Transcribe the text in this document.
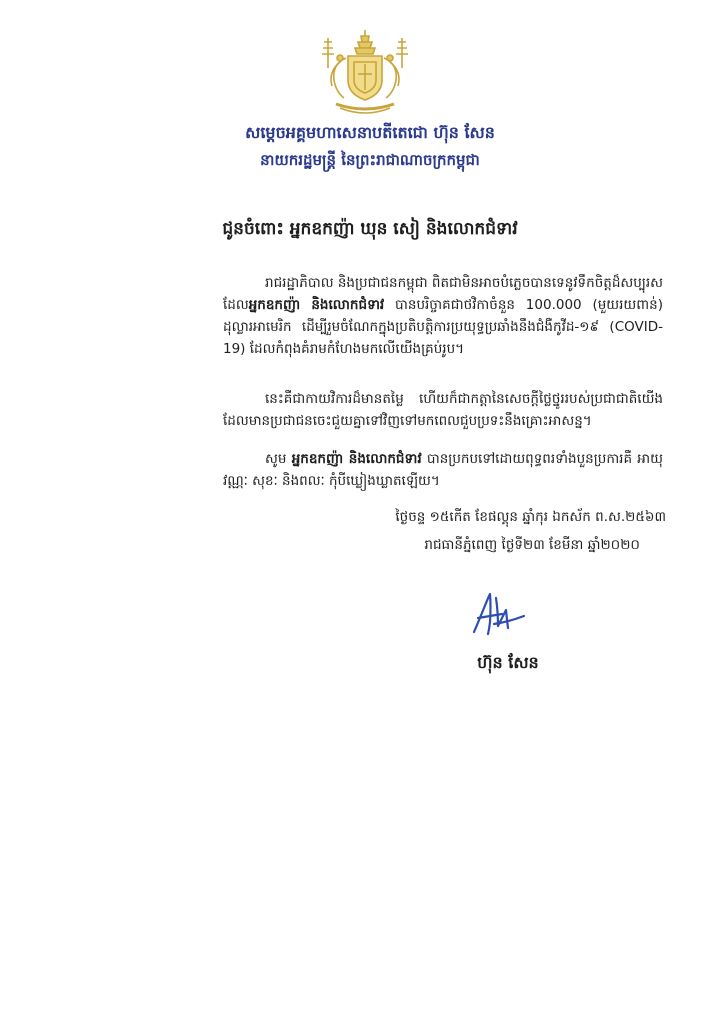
សម្តេចអគ្គមហាសេនាបតីតេជោ ហ៊ុន សែន
នាយករដ្ឋមន្ត្រី នៃព្រះរាជាណាចក្រកម្ពុជា
ជូនចំពោះ អ្នកឧកញ៉ា ឃុន សៀ និងលោកជំទាវ
រាជរដ្ឋាភិបាល និងប្រជាជនកម្ពុជា ពិតជាមិនអាចបំភ្លេចបានទេនូវទឹកចិត្តដ៏សប្បុរស ដែលអ្នកឧកញ៉ា និងលោកជំទាវ បានបរិច្ចាគជាថវិកាចំនួន 100.000 (មួយរយពាន់) ដុល្លារអាមេរិក ដើម្បីរួមចំណែកក្នុងប្រតិបត្តិការប្រយុទ្ធប្រឆាំងនឹងជំងឺកូវីដ-១៩ (COVID-19) ដែលកំពុងគំរាមកំហែងមកលើយើងគ្រប់រូប។
នេះគឺជាកាយវិការដ៏មានតម្លៃ ហើយក៏ជាកត្តានៃសេចក្តីថ្លៃថ្នូររបស់ប្រជាជាតិយើង ដែលមានប្រជាជនចេះជួយគ្នាទៅវិញទៅមកពេលជួបប្រទះនឹងគ្រោះអាសន្ន។
សូម អ្នកឧកញ៉ា និងលោកជំទាវ បានប្រកបទៅដោយពុទ្ធពរទាំងបួនប្រការគឺ អាយុ វណ្ណៈ សុខៈ និងពលៈ កុំបីឃ្លៀងឃ្លាតឡើយ។
ថ្ងៃចន្ទ ១៥កេីត ខែផល្គុន ឆ្នាំកុរ ឯកស័ក ព.ស.២៥៦៣
រាជធានីភ្នំពេញ ថ្ងៃទី២៣ ខែមីនា ឆ្នាំ២០២០
ហ៊ុន សែន
